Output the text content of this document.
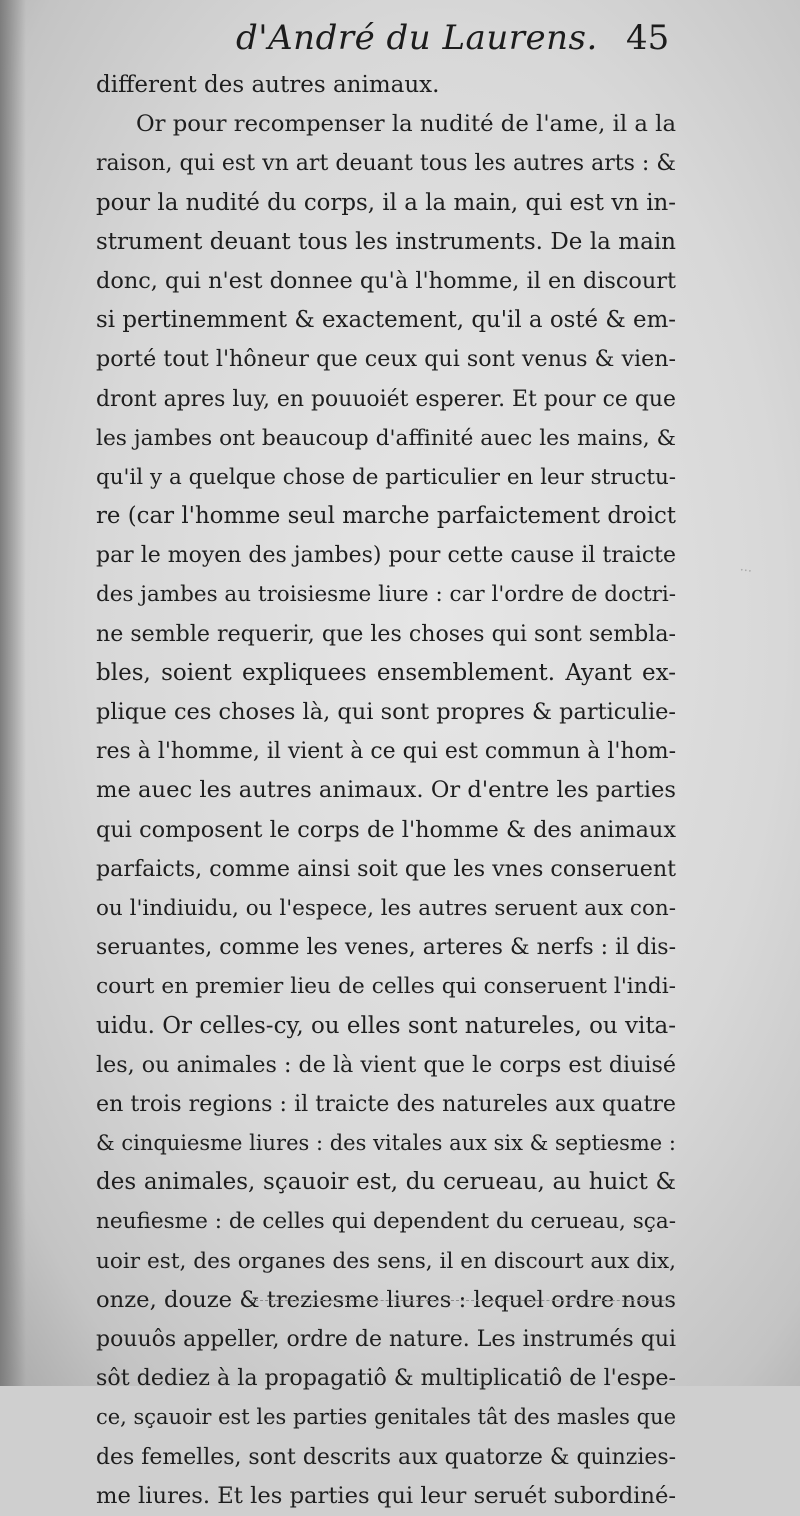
d'André du Laurens. 45
different des autres animaux.
Or pour recompenser la nudité de l'ame, il a la
raison, qui est vn art deuant tous les autres arts : &
pour la nudité du corps, il a la main, qui est vn in-
strument deuant tous les instruments. De la main
donc, qui n'est donnee qu'à l'homme, il en discourt
si pertinemment & exactement, qu'il a osté & em-
porté tout l'hôneur que ceux qui sont venus & vien-
dront apres luy, en pouuoiét esperer. Et pour ce que
les jambes ont beaucoup d'affinité auec les mains, &
qu'il y a quelque chose de particulier en leur structu-
re (car l'homme seul marche parfaictement droict
par le moyen des jambes) pour cette cause il traicte
des jambes au troisiesme liure : car l'ordre de doctri-
ne semble requerir, que les choses qui sont sembla-
bles, soient expliquees ensemblement. Ayant ex-
plique ces choses là, qui sont propres & particulie-
res à l'homme, il vient à ce qui est commun à l'hom-
me auec les autres animaux. Or d'entre les parties
qui composent le corps de l'homme & des animaux
parfaicts, comme ainsi soit que les vnes conseruent
ou l'indiuidu, ou l'espece, les autres seruent aux con-
seruantes, comme les venes, arteres & nerfs : il dis-
court en premier lieu de celles qui conseruent l'indi-
uidu. Or celles-cy, ou elles sont natureles, ou vita-
les, ou animales : de là vient que le corps est diuisé
en trois regions : il traicte des natureles aux quatre
& cinquiesme liures : des vitales aux six & septiesme :
des animales, sçauoir est, du cerueau, au huict &
neufiesme : de celles qui dependent du cerueau, sça-
uoir est, des organes des sens, il en discourt aux dix,
onze, douze & treziesme liures : lequel ordre nous
pouuôs appeller, ordre de nature. Les instrumés qui
sôt dediez à la propagatiô & multiplicatiô de l'espe-
ce, sçauoir est les parties genitales tât des masles que
des femelles, sont descrits aux quatorze & quinzies-
me liures. Et les parties qui leur seruét subordiné-
...
